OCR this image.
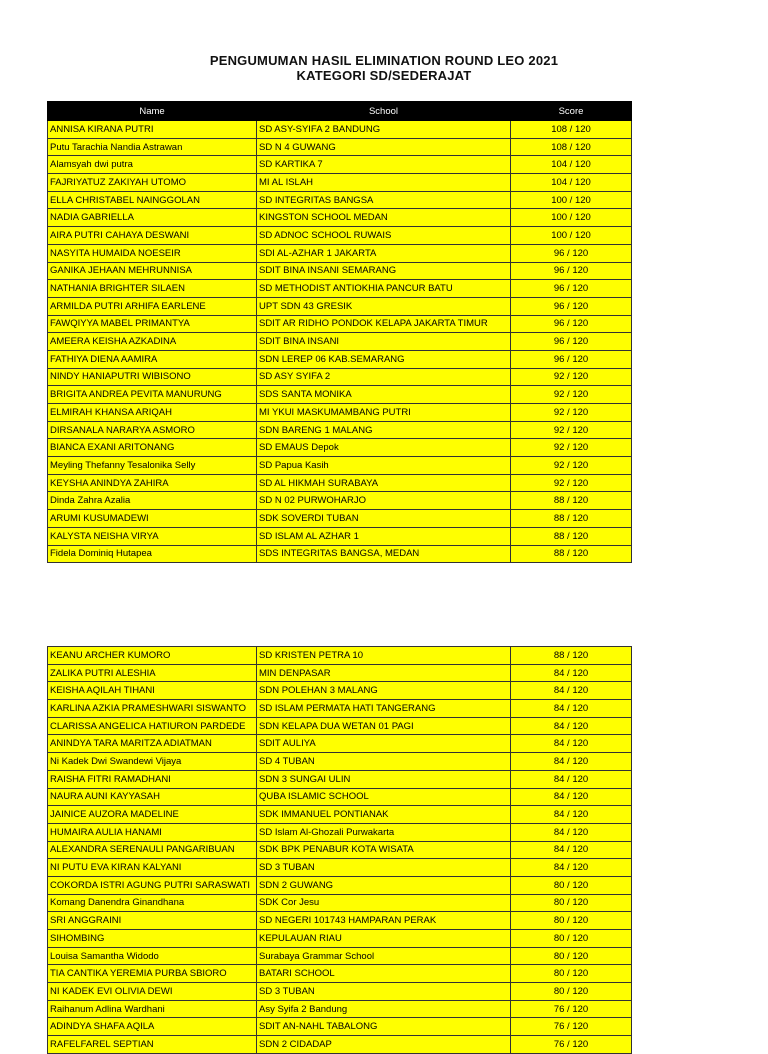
PENGUMUMAN HASIL ELIMINATION ROUND LEO 2021
KATEGORI SD/SEDERAJAT
Name	School	Score
ANNISA KIRANA PUTRI	SD ASY-SYIFA 2 BANDUNG	108 / 120
Putu Tarachia Nandia Astrawan	SD N 4 GUWANG	108 / 120
Alamsyah dwi putra	SD KARTIKA 7	104 / 120
FAJRIYATUZ ZAKIYAH UTOMO	MI AL ISLAH	104 / 120
ELLA CHRISTABEL NAINGGOLAN	SD INTEGRITAS BANGSA	100 / 120
NADIA GABRIELLA	KINGSTON SCHOOL MEDAN	100 / 120
AIRA PUTRI CAHAYA DESWANI	SD ADNOC SCHOOL RUWAIS	100 / 120
NASYITA HUMAIDA NOESEIR	SDI AL-AZHAR 1 JAKARTA	96 / 120
GANIKA JEHAAN MEHRUNNISA	SDIT BINA INSANI SEMARANG	96 / 120
NATHANIA BRIGHTER SILAEN	SD METHODIST ANTIOKHIA PANCUR BATU	96 / 120
ARMILDA PUTRI ARHIFA EARLENE	UPT SDN 43 GRESIK	96 / 120
FAWQIYYA MABEL PRIMANTYA	SDIT AR RIDHO PONDOK KELAPA JAKARTA TIMUR	96 / 120
AMEERA KEISHA AZKADINA	SDIT BINA INSANI	96 / 120
FATHIYA DIENA AAMIRA	SDN LEREP 06 KAB.SEMARANG	96 / 120
NINDY HANIAPUTRI WIBISONO	SD ASY SYIFA 2	92 / 120
BRIGITA ANDREA PEVITA MANURUNG	SDS SANTA MONIKA	92 / 120
ELMIRAH KHANSA ARIQAH	MI YKUI MASKUMAMBANG PUTRI	92 / 120
DIRSANALA NARARYA ASMORO	SDN BARENG 1 MALANG	92 / 120
BIANCA EXANI ARITONANG	SD EMAUS Depok	92 / 120
Meyling Thefanny Tesalonika Selly	SD Papua Kasih	92 / 120
KEYSHA ANINDYA ZAHIRA	SD AL HIKMAH SURABAYA	92 / 120
Dinda Zahra Azalia	SD N 02 PURWOHARJO	88 / 120
ARUMI KUSUMADEWI	SDK SOVERDI TUBAN	88 / 120
KALYSTA NEISHA VIRYA	SD ISLAM AL AZHAR 1	88 / 120
Fidela Dominiq Hutapea	SDS INTEGRITAS BANGSA, MEDAN	88 / 120
KEANU ARCHER KUMORO	SD KRISTEN PETRA 10	88 / 120
ZALIKA PUTRI ALESHIA	MIN DENPASAR	84 / 120
KEISHA AQILAH TIHANI	SDN POLEHAN 3 MALANG	84 / 120
KARLINA AZKIA PRAMESHWARI SISWANTO	SD ISLAM PERMATA HATI TANGERANG	84 / 120
CLARISSA ANGELICA HATIURON PARDEDE	SDN KELAPA DUA WETAN 01 PAGI	84 / 120
ANINDYA TARA MARITZA ADIATMAN	SDIT AULIYA	84 / 120
Ni Kadek Dwi Swandewi Vijaya	SD 4 TUBAN	84 / 120
RAISHA FITRI RAMADHANI	SDN 3 SUNGAI ULIN	84 / 120
NAURA AUNI KAYYASAH	QUBA ISLAMIC SCHOOL	84 / 120
JAINICE AUZORA MADELINE	SDK IMMANUEL PONTIANAK	84 / 120
HUMAIRA AULIA HANAMI	SD Islam Al-Ghozali Purwakarta	84 / 120
ALEXANDRA SERENAULI PANGARIBUAN	SDK BPK PENABUR KOTA WISATA	84 / 120
NI PUTU EVA KIRAN KALYANI	SD 3 TUBAN	84 / 120
COKORDA ISTRI AGUNG PUTRI SARASWATI	SDN 2 GUWANG	80 / 120
Komang Danendra Ginandhana	SDK Cor Jesu	80 / 120
SRI ANGGRAINI	SD NEGERI 101743 HAMPARAN PERAK	80 / 120
SIHOMBING	KEPULAUAN RIAU	80 / 120
Louisa Samantha Widodo	Surabaya Grammar School	80 / 120
TIA CANTIKA YEREMIA PURBA SBIORO	BATARI SCHOOL	80 / 120
NI KADEK EVI OLIVIA DEWI	SD 3 TUBAN	80 / 120
Raihanum Adlina Wardhani	Asy Syifa 2 Bandung	76 / 120
ADINDYA SHAFA AQILA	SDIT AN-NAHL TABALONG	76 / 120
RAFELFAREL SEPTIAN	SDN 2 CIDADAP	76 / 120
